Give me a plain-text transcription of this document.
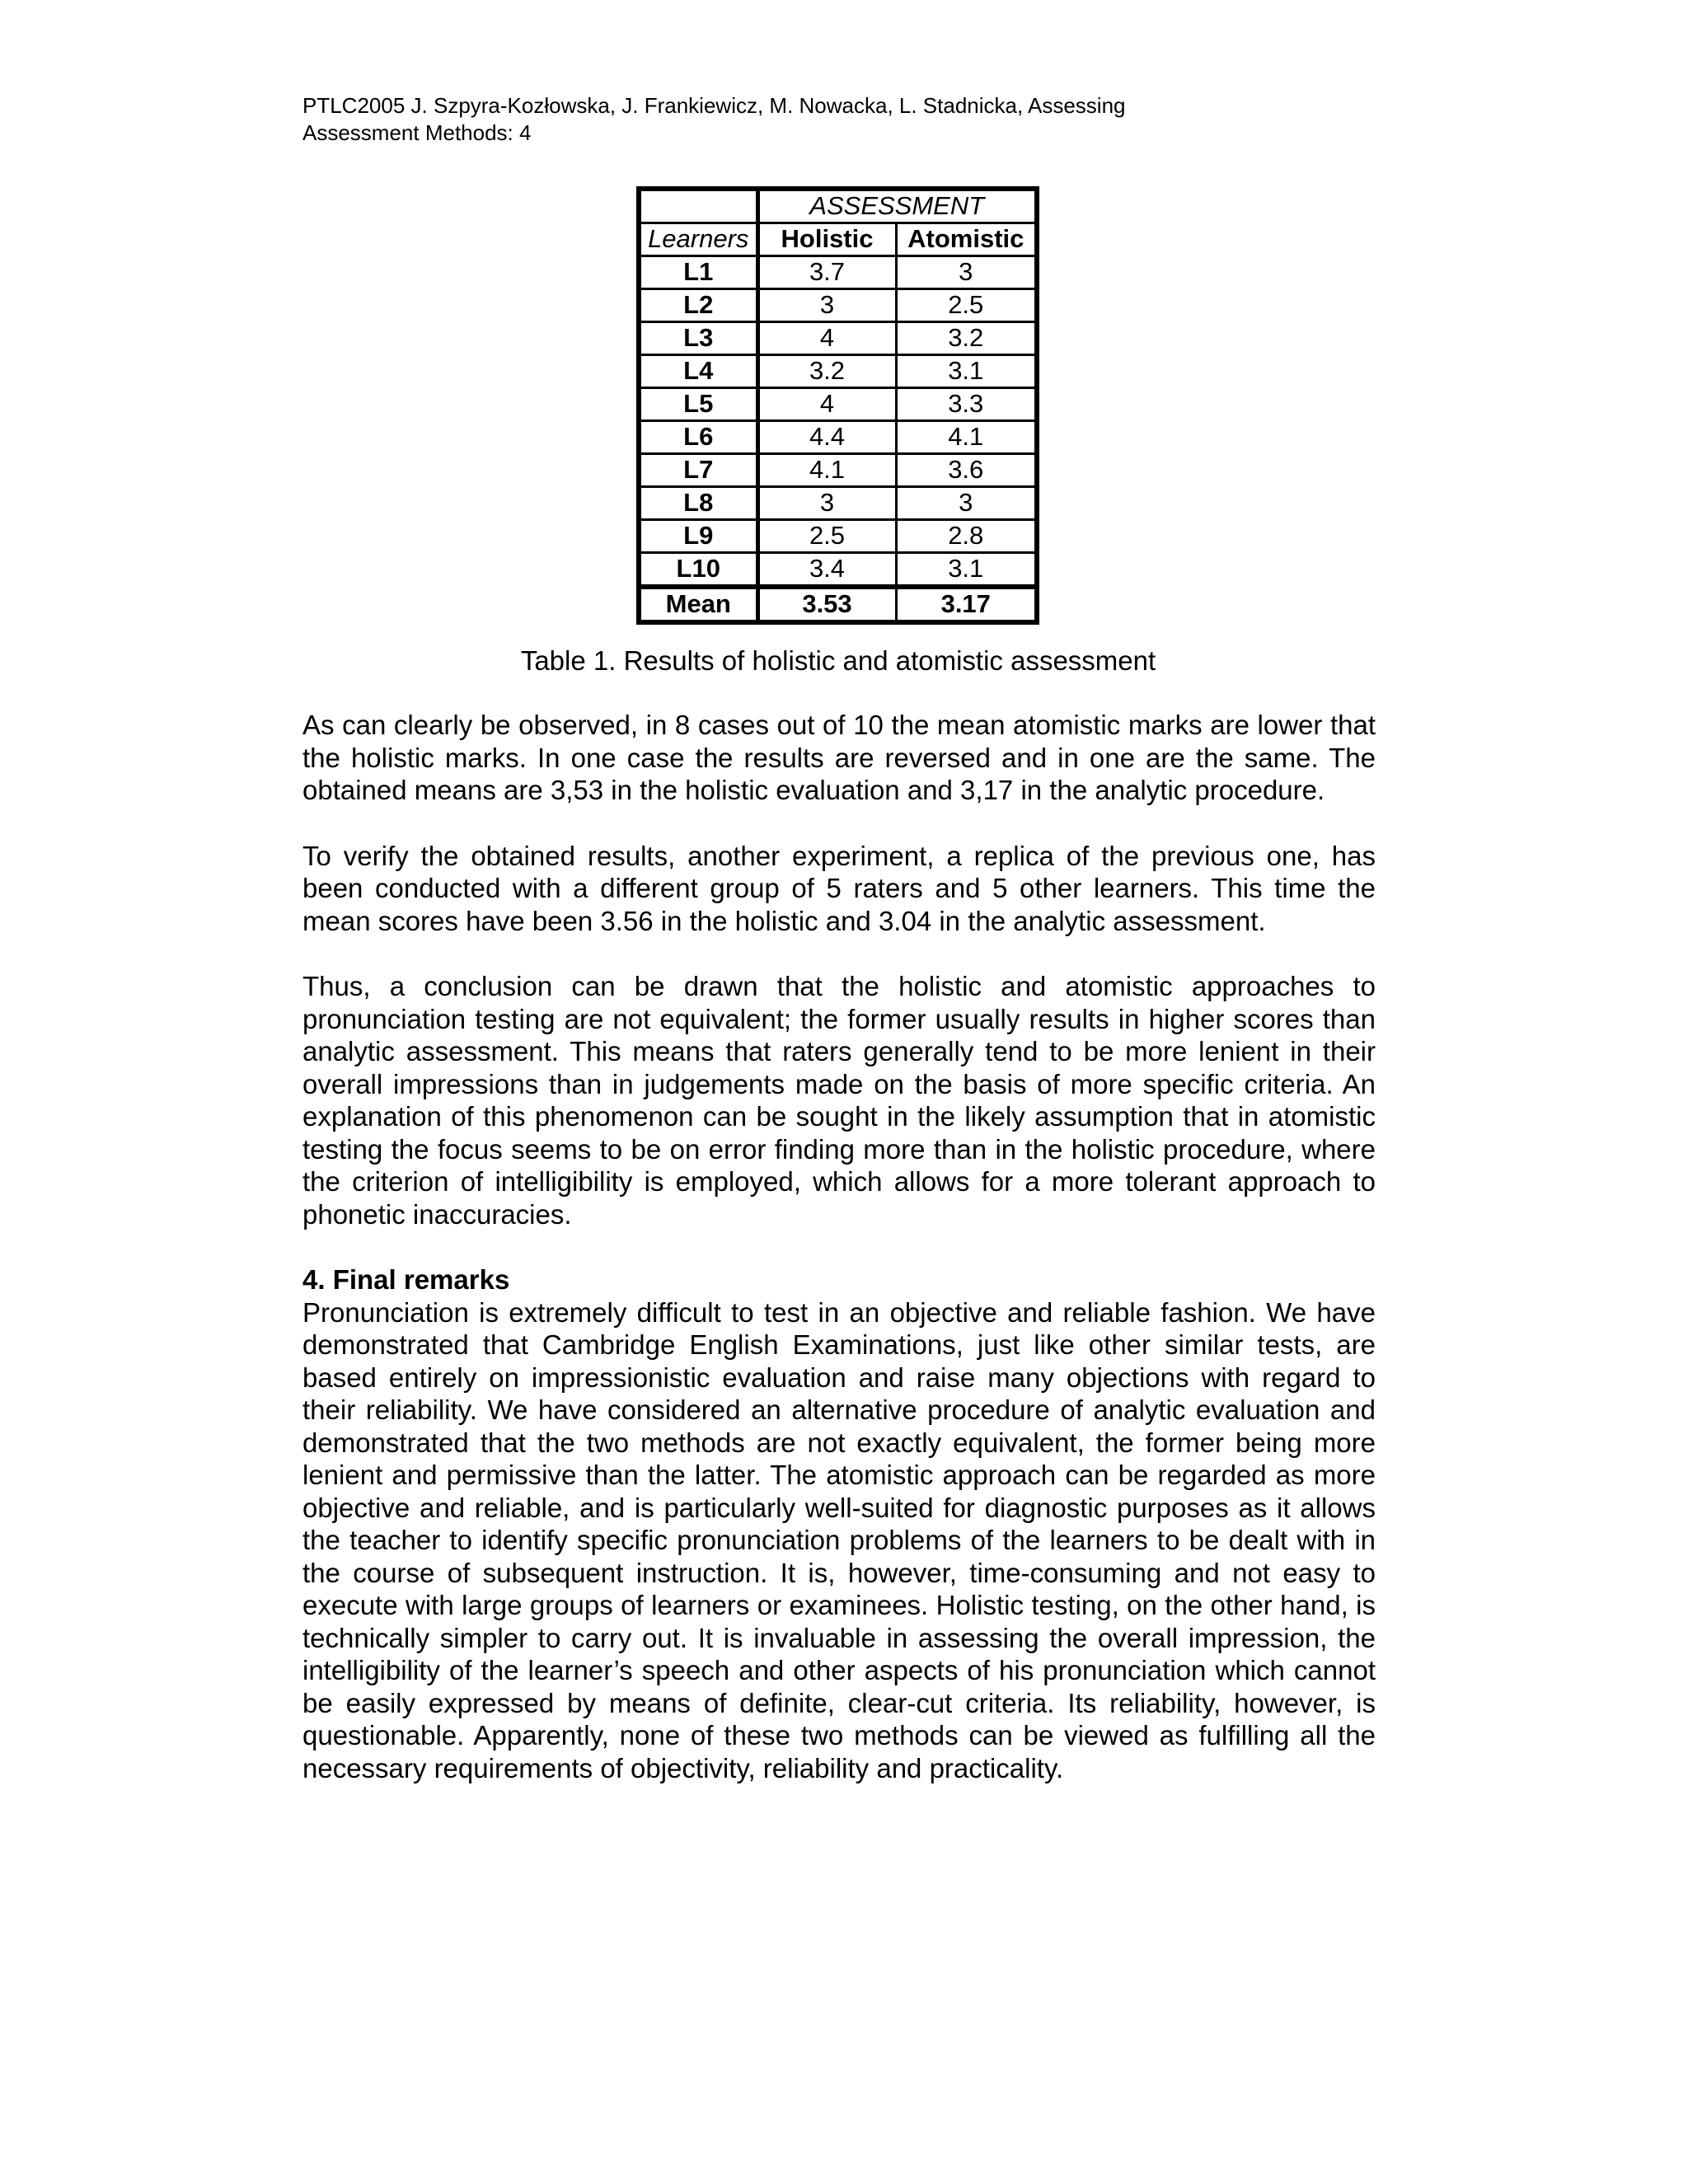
PTLC2005 J. Szpyra-Kozłowska, J. Frankiewicz, M. Nowacka, L. Stadnicka, Assessing
Assessment Methods: 4
	ASSESSMENT	
Learners	Holistic	Atomistic
L1	3.7	3
L2	3	2.5
L3	4	3.2
L4	3.2	3.1
L5	4	3.3
L6	4.4	4.1
L7	4.1	3.6
L8	3	3
L9	2.5	2.8
L10	3.4	3.1
Mean	3.53	3.17
Table 1. Results of holistic and atomistic assessment

As can clearly be observed, in 8 cases out of 10 the mean atomistic marks are lower that the holistic marks. In one case the results are reversed and in one are the same. The obtained means are 3,53 in the holistic evaluation and 3,17 in the analytic procedure.

To verify the obtained results, another experiment, a replica of the previous one, has been conducted with a different group of 5 raters and 5 other learners. This time the mean scores have been 3.56 in the holistic and 3.04 in the analytic assessment.

Thus, a conclusion can be drawn that the holistic and atomistic approaches to pronunciation testing are not equivalent; the former usually results in higher scores than analytic assessment. This means that raters generally tend to be more lenient in their overall impressions than in judgements made on the basis of more specific criteria. An explanation of this phenomenon can be sought in the likely assumption that in atomistic testing the focus seems to be on error finding more than in the holistic procedure, where the criterion of intelligibility is employed, which allows for a more tolerant approach to phonetic inaccuracies.

4. Final remarks

Pronunciation is extremely difficult to test in an objective and reliable fashion. We have demonstrated that Cambridge English Examinations, just like other similar tests, are based entirely on impressionistic evaluation and raise many objections with regard to their reliability. We have considered an alternative procedure of analytic evaluation and demonstrated that the two methods are not exactly equivalent, the former being more lenient and permissive than the latter. The atomistic approach can be regarded as more objective and reliable, and is particularly well-suited for diagnostic purposes as it allows the teacher to identify specific pronunciation problems of the learners to be dealt with in the course of subsequent instruction. It is, however, time-consuming and not easy to execute with large groups of learners or examinees. Holistic testing, on the other hand, is technically simpler to carry out. It is invaluable in assessing the overall impression, the intelligibility of the learner’s speech and other aspects of his pronunciation which cannot be easily expressed by means of definite, clear-cut criteria. Its reliability, however, is questionable. Apparently, none of these two methods can be viewed as fulfilling all the necessary requirements of objectivity, reliability and practicality.
